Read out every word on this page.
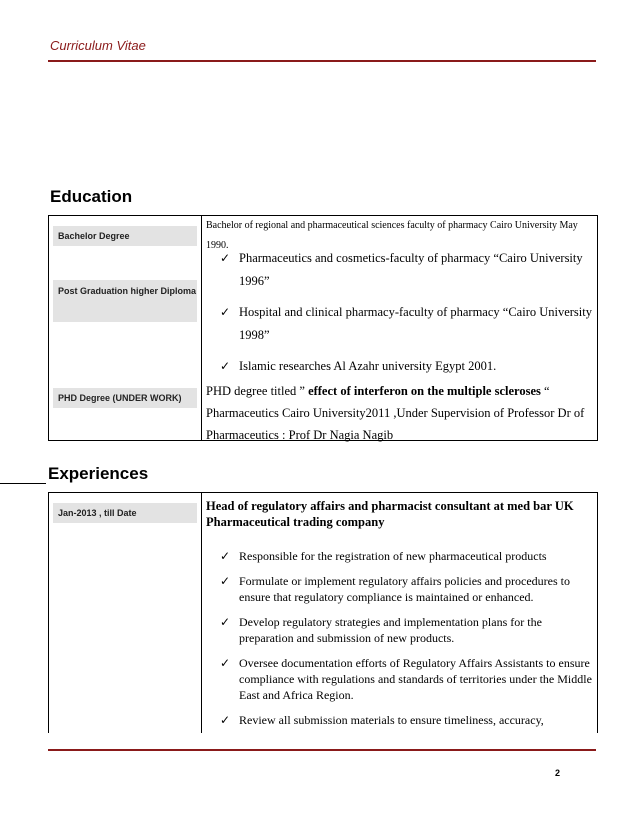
Curriculum Vitae
Education
Bachelor Degree
Bachelor of regional and pharmaceutical sciences faculty of pharmacy Cairo University May 1990.
Post Graduation higher Diploma
✓ Pharmaceutics and cosmetics-faculty of pharmacy “Cairo University 1996”
✓ Hospital and clinical pharmacy-faculty of pharmacy “Cairo University 1998”
✓ Islamic researches Al Azahr university Egypt 2001.
PHD Degree (UNDER WORK)	PHD degree titled ” effect of interferon on the multiple scleroses “ Pharmaceutics Cairo University2011 ,Under Supervision of Professor Dr of Pharmaceutics : Prof Dr Nagia Nagib
Experiences
Jan-2013 , till Date	Head of regulatory affairs and pharmacist consultant at med bar UK Pharmaceutical trading company
✓ Responsible for the registration of new pharmaceutical products
✓ Formulate or implement regulatory affairs policies and procedures to ensure that regulatory compliance is maintained or enhanced.
✓ Develop regulatory strategies and implementation plans for the preparation and submission of new products.
✓ Oversee documentation efforts of Regulatory Affairs Assistants to ensure compliance with regulations and standards of territories under the Middle East and Africa Region.
✓ Review all submission materials to ensure timeliness, accuracy,
2
